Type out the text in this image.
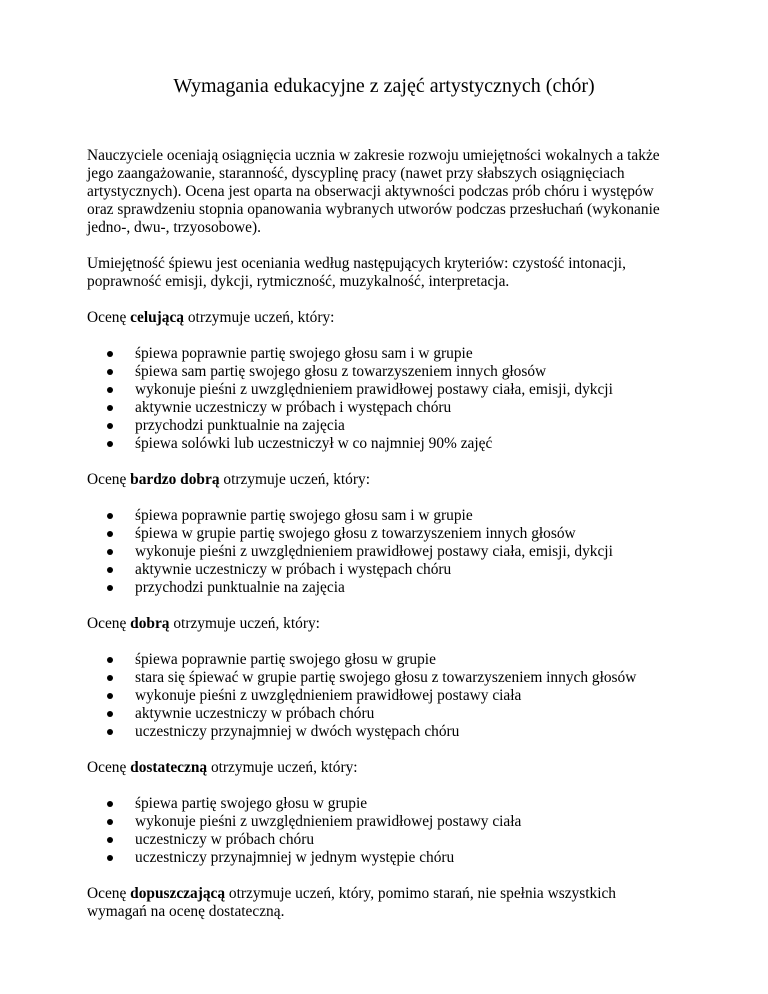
Wymagania edukacyjne z zajęć artystycznych (chór)

Nauczyciele oceniają osiągnięcia ucznia w zakresie rozwoju umiejętności wokalnych a także
jego zaangażowanie, staranność, dyscyplinę pracy (nawet przy słabszych osiągnięciach
artystycznych). Ocena jest oparta na obserwacji aktywności podczas prób chóru i występów
oraz sprawdzeniu stopnia opanowania wybranych utworów podczas przesłuchań (wykonanie
jedno-, dwu-, trzyosobowe).

Umiejętność śpiewu jest oceniania według następujących kryteriów: czystość intonacji,
poprawność emisji, dykcji, rytmiczność, muzykalność, interpretacja.

Ocenę celującą otrzymuje uczeń, który:

śpiewa poprawnie partię swojego głosu sam i w grupie
śpiewa sam partię swojego głosu z towarzyszeniem innych głosów
wykonuje pieśni z uwzględnieniem prawidłowej postawy ciała, emisji, dykcji
aktywnie uczestniczy w próbach i występach chóru
przychodzi punktualnie na zajęcia
śpiewa solówki lub uczestniczył w co najmniej 90% zajęć

Ocenę bardzo dobrą otrzymuje uczeń, który:

śpiewa poprawnie partię swojego głosu sam i w grupie
śpiewa w grupie partię swojego głosu z towarzyszeniem innych głosów
wykonuje pieśni z uwzględnieniem prawidłowej postawy ciała, emisji, dykcji
aktywnie uczestniczy w próbach i występach chóru
przychodzi punktualnie na zajęcia

Ocenę dobrą otrzymuje uczeń, który:

śpiewa poprawnie partię swojego głosu w grupie
stara się śpiewać w grupie partię swojego głosu z towarzyszeniem innych głosów
wykonuje pieśni z uwzględnieniem prawidłowej postawy ciała
aktywnie uczestniczy w próbach chóru
uczestniczy przynajmniej w dwóch występach chóru

Ocenę dostateczną otrzymuje uczeń, który:

śpiewa partię swojego głosu w grupie
wykonuje pieśni z uwzględnieniem prawidłowej postawy ciała
uczestniczy w próbach chóru
uczestniczy przynajmniej w jednym występie chóru

Ocenę dopuszczającą otrzymuje uczeń, który, pomimo starań, nie spełnia wszystkich
wymagań na ocenę dostateczną.
